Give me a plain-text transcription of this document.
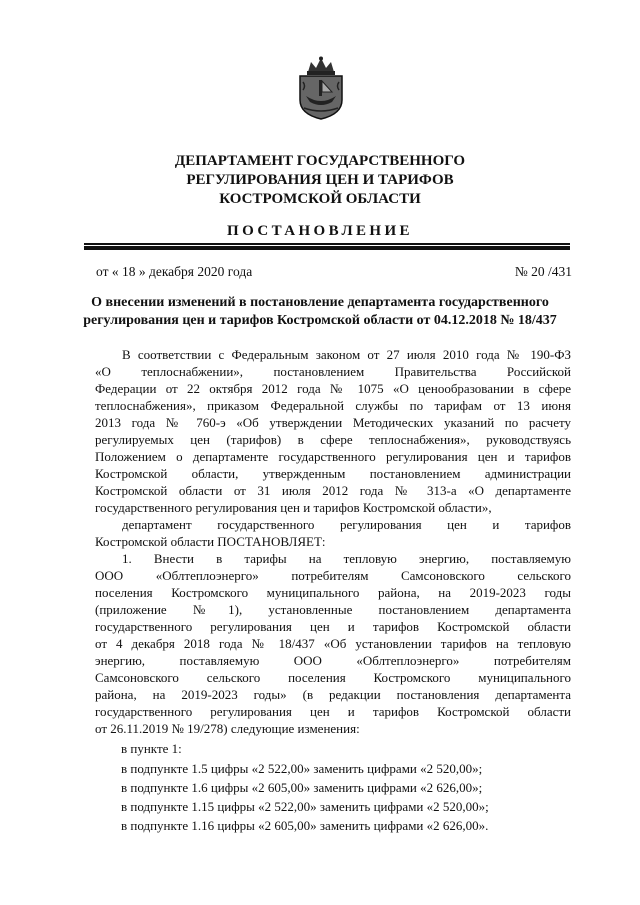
ДЕПАРТАМЕНТ ГОСУДАРСТВЕННОГО
РЕГУЛИРОВАНИЯ ЦЕН И ТАРИФОВ
КОСТРОМСКОЙ ОБЛАСТИ
ПОСТАНОВЛЕНИЕ
от « 18 » декабря 2020 года	№ 20 /431
О внесении изменений в постановление департамента государственного
регулирования цен и тарифов Костромской области от 04.12.2018 № 18/437
В соответствии с Федеральным законом от 27 июля 2010 года № 190-ФЗ
«О теплоснабжении», постановлением Правительства Российской
Федерации от 22 октября 2012 года № 1075 «О ценообразовании в сфере
теплоснабжения», приказом Федеральной службы по тарифам от 13 июня
2013 года № 760-э «Об утверждении Методических указаний по расчету
регулируемых цен (тарифов) в сфере теплоснабжения», руководствуясь
Положением о департаменте государственного регулирования цен и тарифов
Костромской области, утвержденным постановлением администрации
Костромской области от 31 июля 2012 года № 313-а «О департаменте
государственного регулирования цен и тарифов Костромской области»,
департамент государственного регулирования цен и тарифов
Костромской области ПОСТАНОВЛЯЕТ:
1. Внести в тарифы на тепловую энергию, поставляемую
ООО «Облтеплоэнерго» потребителям Самсоновского сельского
поселения Костромского муниципального района, на 2019-2023 годы
(приложение №1), установленные постановлением департамента
государственного регулирования цен и тарифов Костромской области
от 4 декабря 2018 года № 18/437 «Об установлении тарифов на тепловую
энергию, поставляемую ООО «Облтеплоэнерго» потребителям
Самсоновского сельского поселения Костромского муниципального
района, на 2019-2023 годы» (в редакции постановления департамента
государственного регулирования цен и тарифов Костромской области
от 26.11.2019 № 19/278) следующие изменения:
в пункте 1:
в подпункте 1.5 цифры «2 522,00» заменить цифрами «2 520,00»;
в подпункте 1.6 цифры «2 605,00» заменить цифрами «2 626,00»;
в подпункте 1.15 цифры «2 522,00» заменить цифрами «2 520,00»;
в подпункте 1.16 цифры «2 605,00» заменить цифрами «2 626,00».
